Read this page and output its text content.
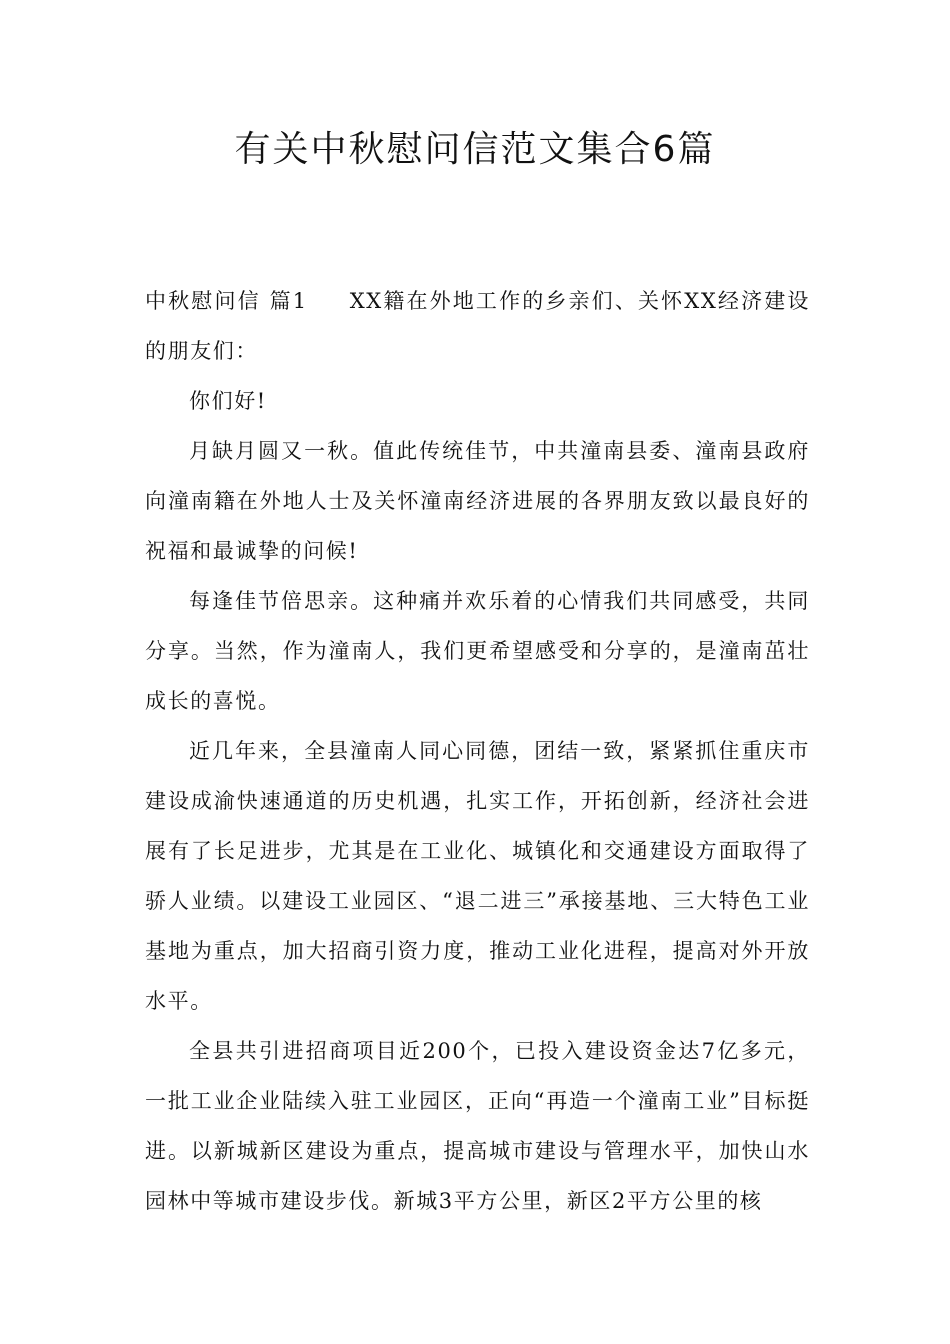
有关中秋慰问信范文集合6篇

中秋慰问信 篇1 XX籍在外地工作的乡亲们、关怀XX经济建设的朋友们：

你们好!

月缺月圆又一秋。值此传统佳节，中共潼南县委、潼南县政府向潼南籍在外地人士及关怀潼南经济进展的各界朋友致以最良好的祝福和最诚挚的问候!

每逢佳节倍思亲。这种痛并欢乐着的心情我们共同感受，共同分享。当然，作为潼南人，我们更希望感受和分享的，是潼南茁壮成长的喜悦。

近几年来，全县潼南人同心同德，团结一致，紧紧抓住重庆市建设成渝快速通道的历史机遇，扎实工作，开拓创新，经济社会进展有了长足进步，尤其是在工业化、城镇化和交通建设方面取得了骄人业绩。以建设工业园区、“退二进三”承接基地、三大特色工业基地为重点，加大招商引资力度，推动工业化进程，提高对外开放水平。

全县共引进招商项目近200个，已投入建设资金达7亿多元，一批工业企业陆续入驻工业园区，正向“再造一个潼南工业”目标挺进。以新城新区建设为重点，提高城市建设与管理水平，加快山水园林中等城市建设步伐。新城3平方公里，新区2平方公里的核
